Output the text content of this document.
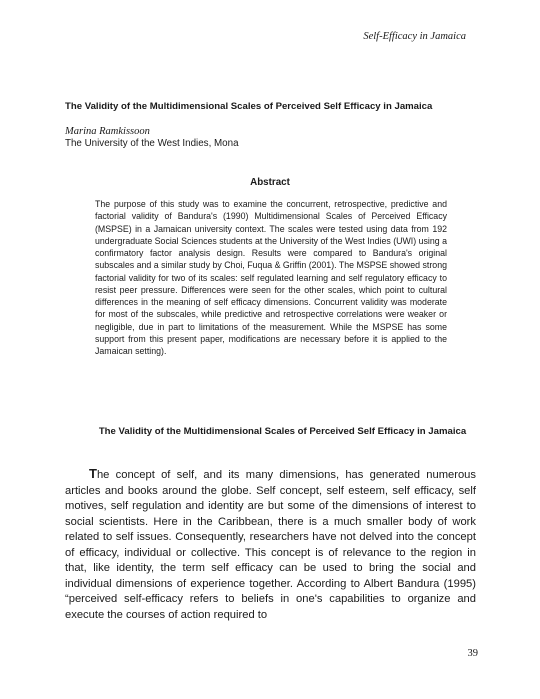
Self-Efficacy in Jamaica
The Validity of the Multidimensional Scales of Perceived Self Efficacy in Jamaica
Marina Ramkissoon
The University of the West Indies, Mona
Abstract
The purpose of this study was to examine the concurrent, retrospective, predictive and factorial validity of Bandura's (1990) Multidimensional Scales of Perceived Efficacy (MSPSE) in a Jamaican university context. The scales were tested using data from 192 undergraduate Social Sciences students at the University of the West Indies (UWI) using a confirmatory factor analysis design. Results were compared to Bandura's original subscales and a similar study by Choi, Fuqua & Griffin (2001). The MSPSE showed strong factorial validity for two of its scales: self regulated learning and self regulatory efficacy to resist peer pressure. Differences were seen for the other scales, which point to cultural differences in the meaning of self efficacy dimensions. Concurrent validity was moderate for most of the subscales, while predictive and retrospective correlations were weaker or negligible, due in part to limitations of the measurement. While the MSPSE has some support from this present paper, modifications are necessary before it is applied to the Jamaican setting).
The Validity of the Multidimensional Scales of Perceived Self Efficacy in Jamaica
The concept of self, and its many dimensions, has generated numerous articles and books around the globe. Self concept, self esteem, self efficacy, self motives, self regulation and identity are but some of the dimensions of interest to social scientists. Here in the Caribbean, there is a much smaller body of work related to self issues. Consequently, researchers have not delved into the concept of efficacy, individual or collective. This concept is of relevance to the region in that, like identity, the term self efficacy can be used to bring the social and individual dimensions of experience together. According to Albert Bandura (1995) “perceived self-efficacy refers to beliefs in one's capabilities to organize and execute the courses of action required to
39
